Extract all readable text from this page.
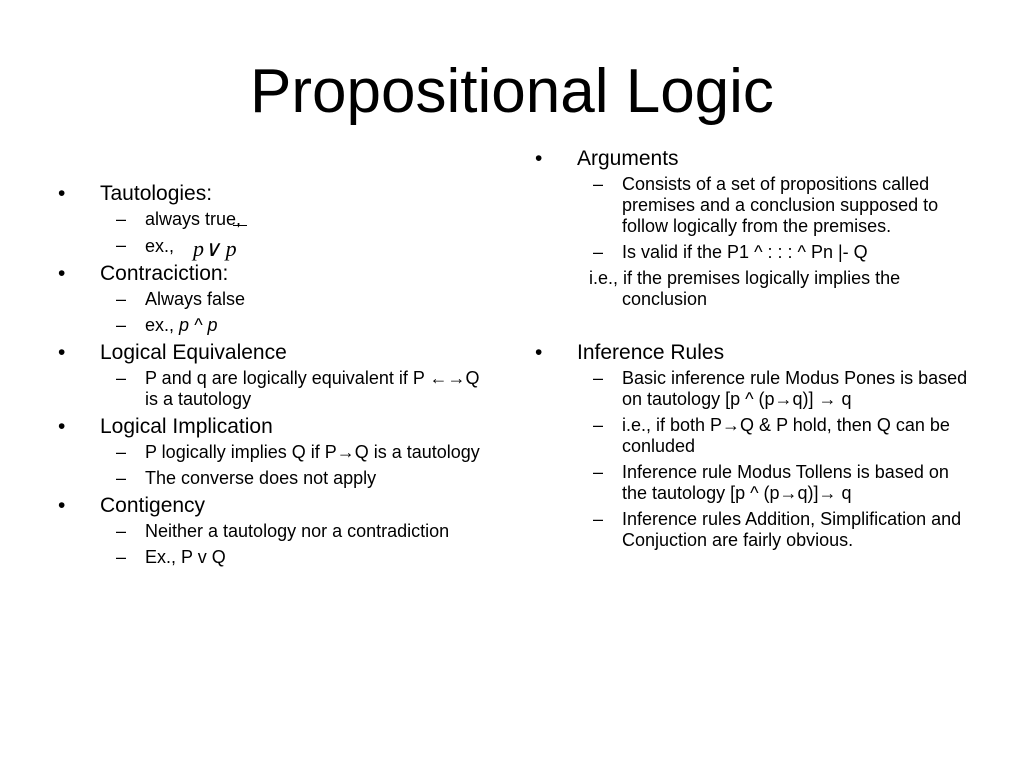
Propositional Logic
•	Tautologies:
– always true,
– ex., p∨ p
•	Contraciction:
– Always false
– ex., p ^ p
•	Logical Equivalence
– P and q are logically equivalent if P ←→Q is a tautology
•	Logical Implication
– P logically implies Q if P→Q is a tautology
– The converse does not apply
•	Contigency
– Neither a tautology nor a contradiction
– Ex., P v Q
•	Arguments
– Consists of a set of propositions called premises and a conclusion supposed to follow logically from the premises.
– Is valid if the P1 ^ : : : ^ Pn |- Q
i.e., if the premises logically implies the conclusion
•	Inference Rules
– Basic inference rule Modus Pones is based on tautology [p ^ (p→q)] → q
– i.e., if both P→Q & P hold, then Q can be conluded
– Inference rule Modus Tollens is based on the tautology [p ^ (p→q)]→ q
– Inference rules Addition, Simplification and Conjuction are fairly obvious.
